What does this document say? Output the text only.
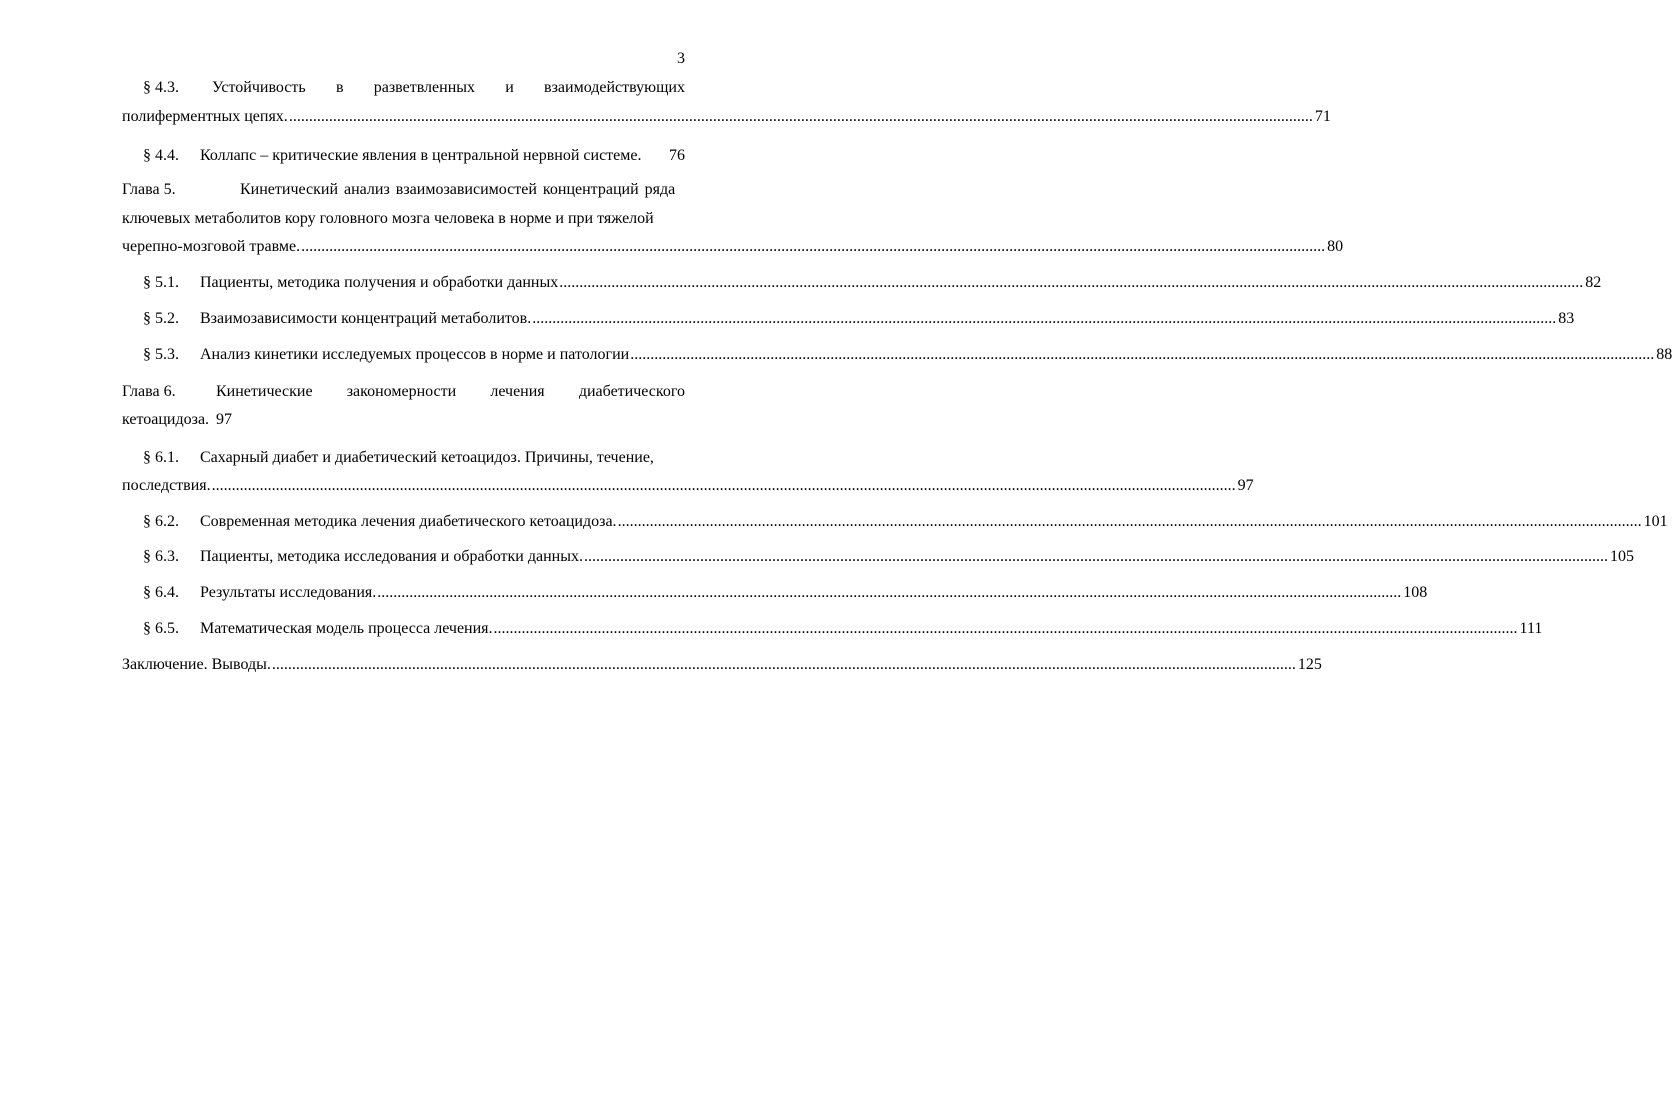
3
§ 4.3. Устойчивость в разветвленных и взаимодействующих
полиферментных цепях. ................................................................................................................................................................................................................................................................ 71
§ 4.4. Коллапс – критические явления в центральной нервной системе. 76
Глава 5.	Кинетический анализ взаимозависимостей концентраций ряда
ключевых метаболитов кору головного мозга человека в норме и при тяжелой
черепно-мозговой травме. ................................................................................................................................................................................................................................................................ 80
§ 5.1. Пациенты, методика получения и обработки данных ................................................................................................................................................................................................................................................................ 82
§ 5.2. Взаимозависимости концентраций метаболитов. ................................................................................................................................................................................................................................................................ 83
§ 5.3. Анализ кинетики исследуемых процессов в норме и патологии ................................................................................................................................................................................................................................................................ 88
Глава 6.	Кинетические закономерности лечения диабетического
кетоацидоза. 97
§ 6.1. Сахарный диабет и диабетический кетоацидоз. Причины, течение,
последствия. ................................................................................................................................................................................................................................................................ 97
§ 6.2. Современная методика лечения диабетического кетоацидоза. ................................................................................................................................................................................................................................................................ 101
§ 6.3. Пациенты, методика исследования и обработки данных. ................................................................................................................................................................................................................................................................ 105
§ 6.4. Результаты исследования. ................................................................................................................................................................................................................................................................ 108
§ 6.5. Математическая модель процесса лечения. ................................................................................................................................................................................................................................................................ 111
Заключение. Выводы. ................................................................................................................................................................................................................................................................ 125
